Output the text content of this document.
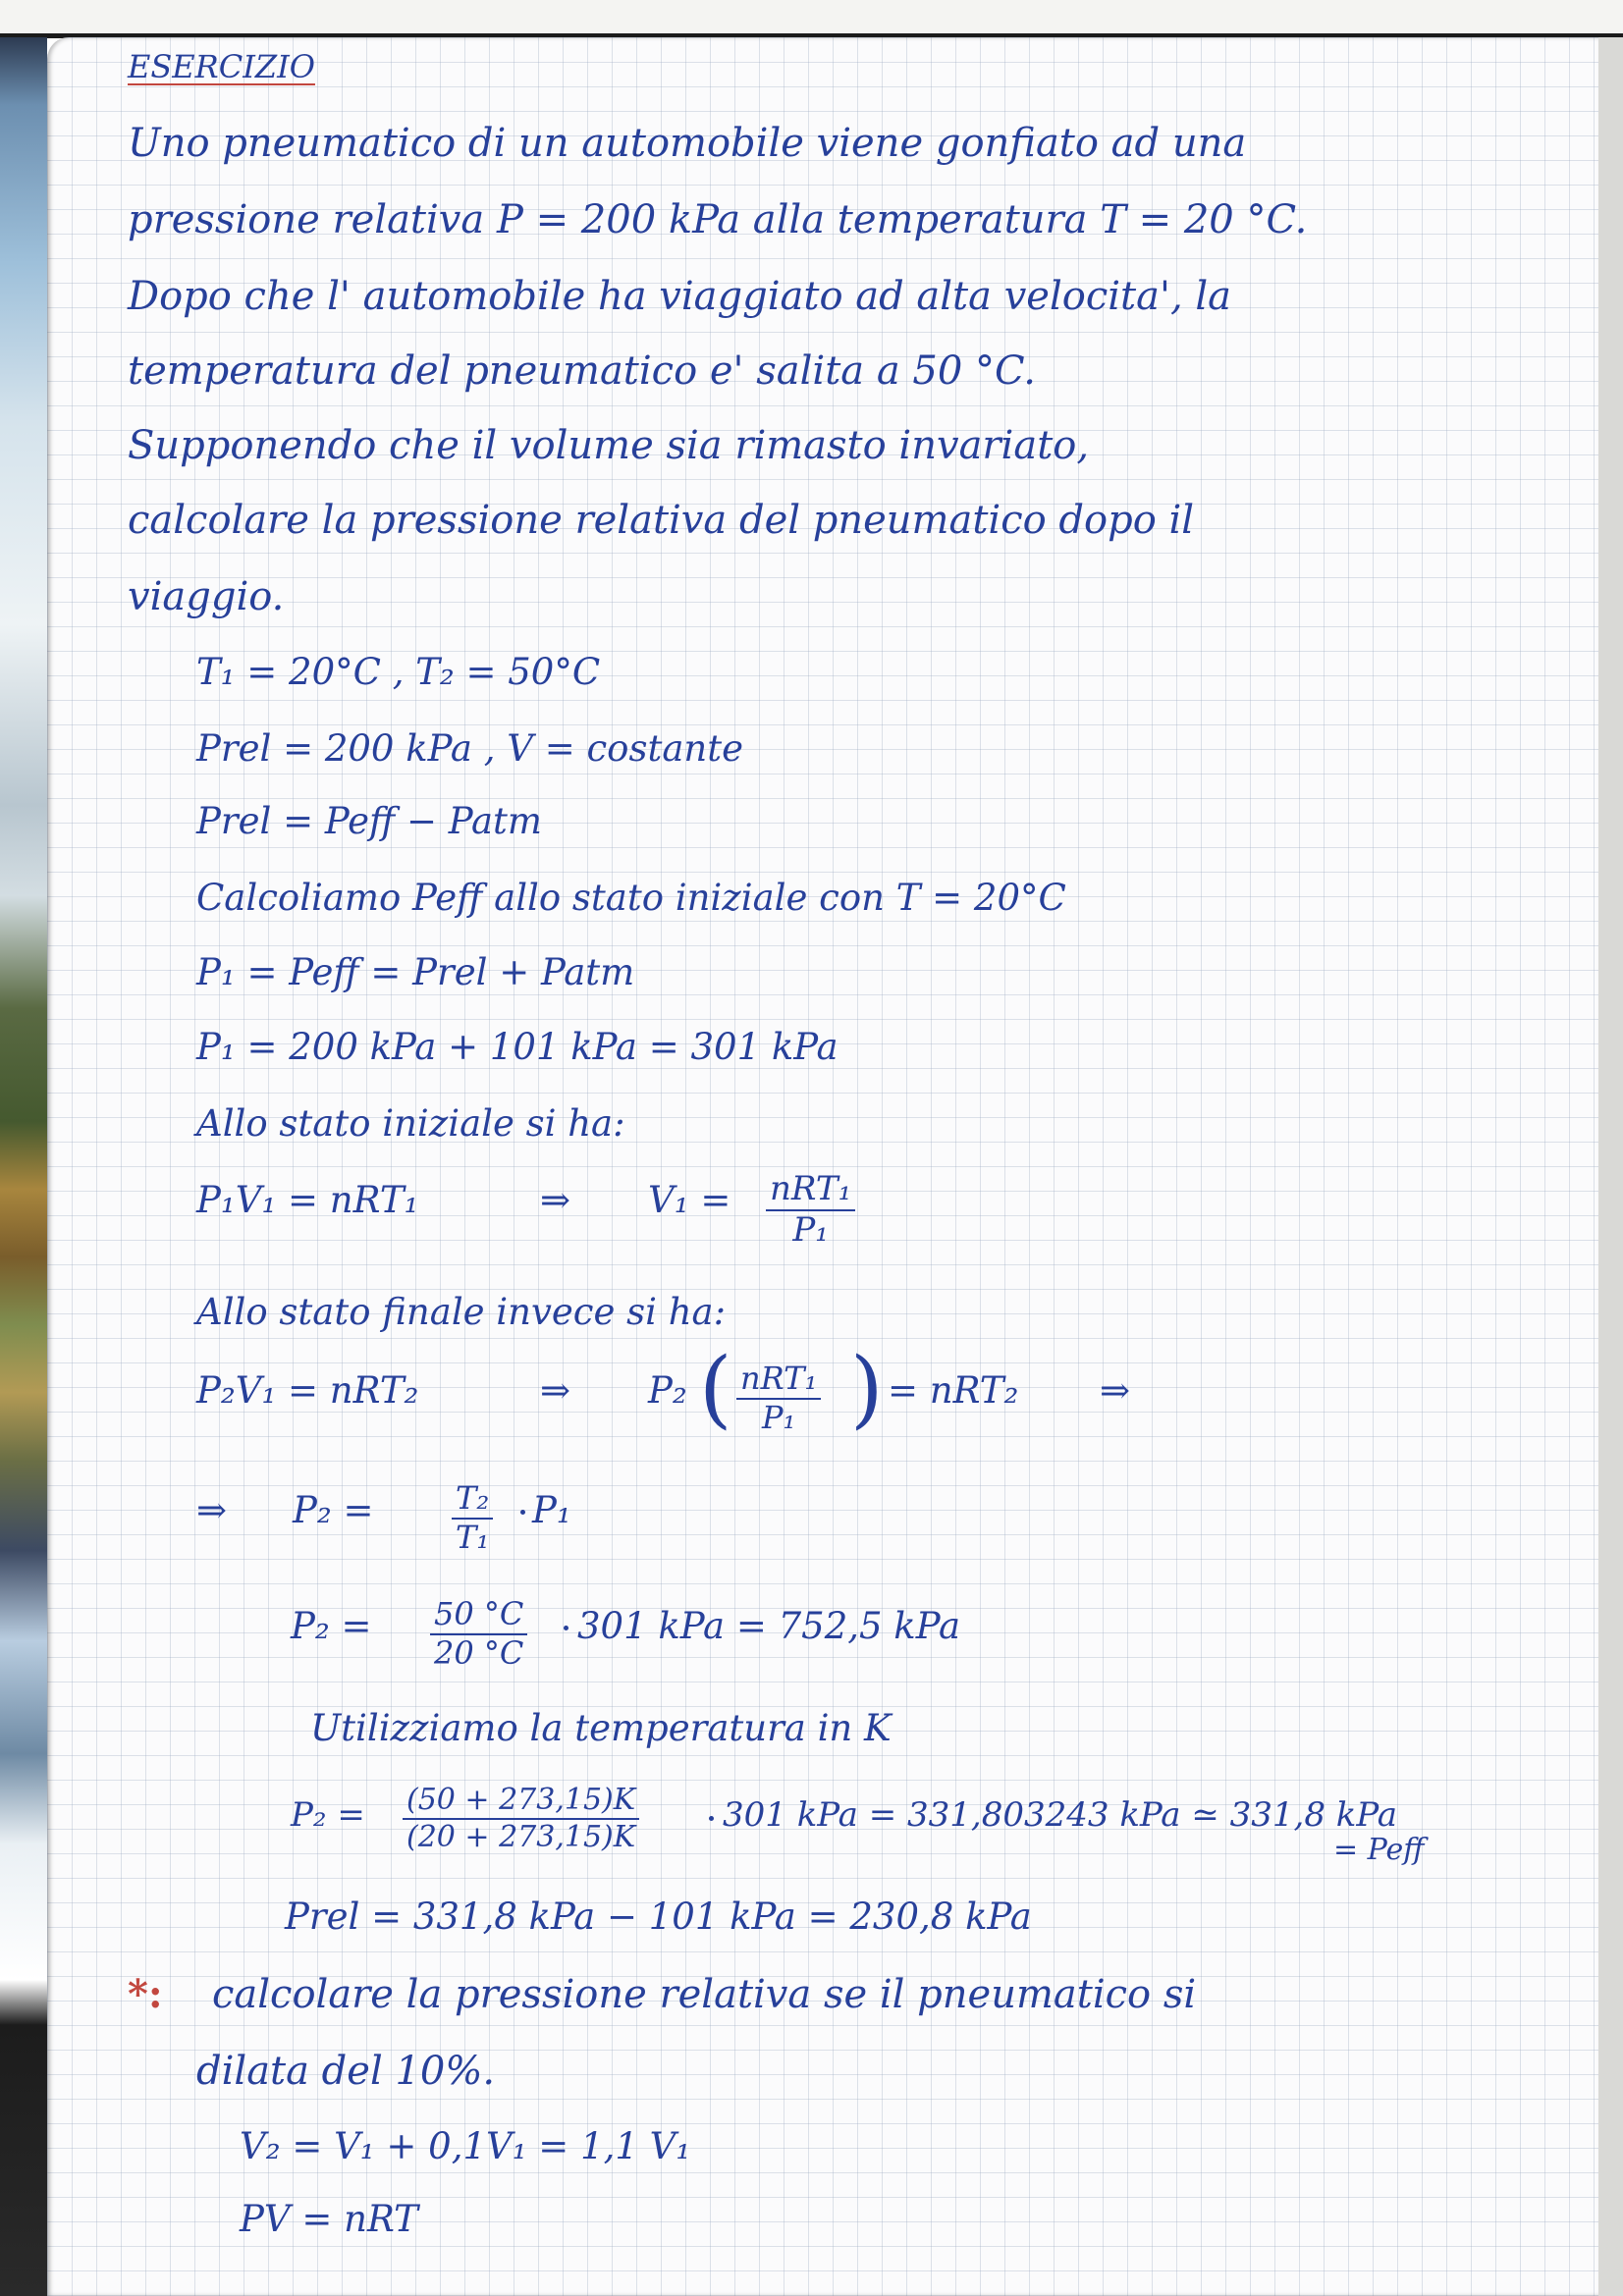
ESERCIZIO
Uno pneumatico di un automobile viene gonfiato ad una
pressione relativa P = 200 kPa alla temperatura T = 20 °C.
Dopo che l' automobile ha viaggiato ad alta velocita', la
temperatura del pneumatico e' salita a 50 °C.
Supponendo che il volume sia rimasto invariato,
calcolare la pressione relativa del pneumatico dopo il
viaggio.
T₁ = 20°C , T₂ = 50°C
Prel = 200 kPa , V = costante
Prel = Peff − Patm
Calcoliamo Peff allo stato iniziale con T = 20°C
P₁ = Peff = Prel + Patm
P₁ = 200 kPa + 101 kPa = 301 kPa
Allo stato iniziale si ha:
P₁V₁ = nRT₁	⇒ V₁ = nRT₁
P₁
Allo stato finale invece si ha:
P₂V₁ = nRT₂	⇒ P₂ ( nRT₁
P₁ ) = nRT₂ ⇒
⇒ $P_2 = \frac{\text{T₂}}{\text{T₁}} P_1$
$P_2 = \frac{50 ^\circ C}{20 ^\circ C} 301$ kPa = 752,5 kPa
Utilizziamo la temperatura in K
$P_2 = \frac{(50 + 273,15)K}{(20 + 273,15)K} 301$ kPa = 331,803243 kPa ≃ 331,8 kPa
= Peff
Prel = 331,8 kPa − 101 kPa = 230,8 kPa
*: calcolare la pressione relativa se il pneumatico si
dilata del 10%.
V₂ = V₁ + 0,1V₁ = 1,1 V₁
PV = nRT
